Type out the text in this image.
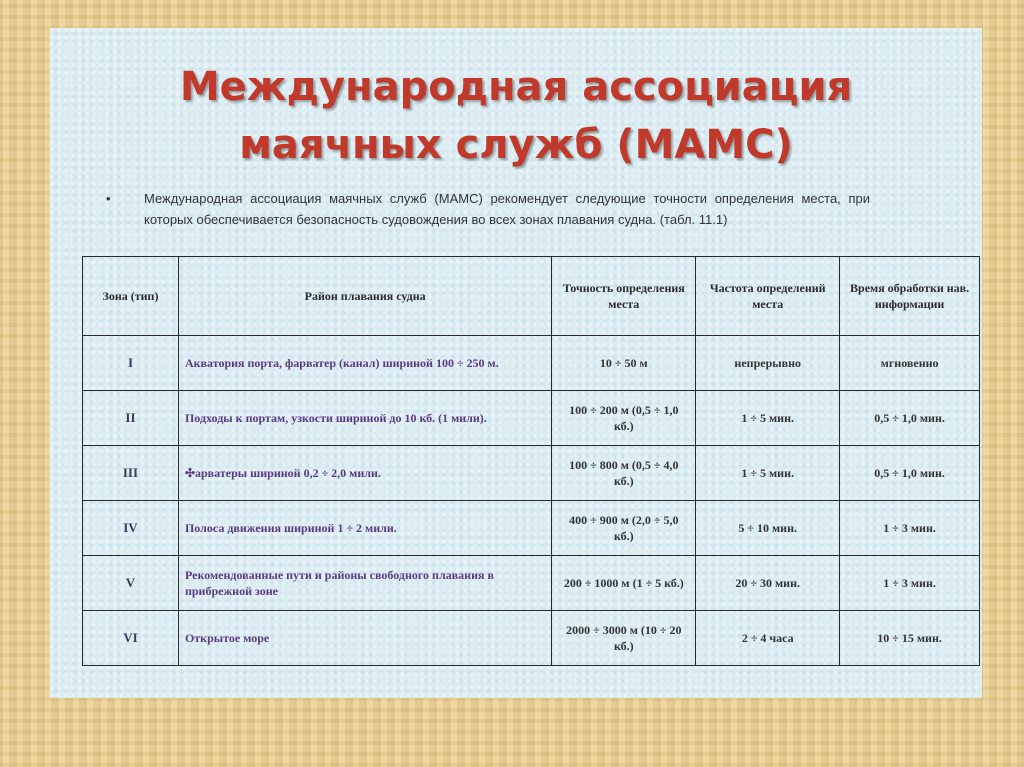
Международная ассоциация
маячных служб (МАМС)
•	Международная ассоциация маячных служб (МАМС) рекомендует следующие точности определения места, при которых обеспечивается безопасность судовождения во всех зонах плавания судна. (табл. 11.1)
Зона (тип)	Район плавания судна	Точность определения места	Частота определений места	Время обработки нав. информации
I	Акватория порта, фарватер (канал) шириной 100 ÷ 250 м.	10 ÷ 50 м	непрерывно	мгновенно
II	Подходы к портам, узкости шириной до 10 кб. (1 мили).	100 ÷ 200 м (0,5 ÷ 1,0 кб.)	1 ÷ 5 мин.	0,5 ÷ 1,0 мин.
III	✣арватеры шириной 0,2 ÷ 2,0 мили.	100 ÷ 800 м (0,5 ÷ 4,0 кб.)	1 ÷ 5 мин.	0,5 ÷ 1,0 мин.
IV	Полоса движения шириной 1 ÷ 2 мили.	400 ÷ 900 м (2,0 ÷ 5,0 кб.)	5 ÷ 10 мин.	1 ÷ 3 мин.
V	Рекомендованные пути и районы свободного плавания в прибрежной зоне	200 ÷ 1000 м (1 ÷ 5 кб.)	20 ÷ 30 мин.	1 ÷ 3 мин.
VI	Открытое море	2000 ÷ 3000 м (10 ÷ 20 кб.)	2 ÷ 4 часа	10 ÷ 15 мин.
